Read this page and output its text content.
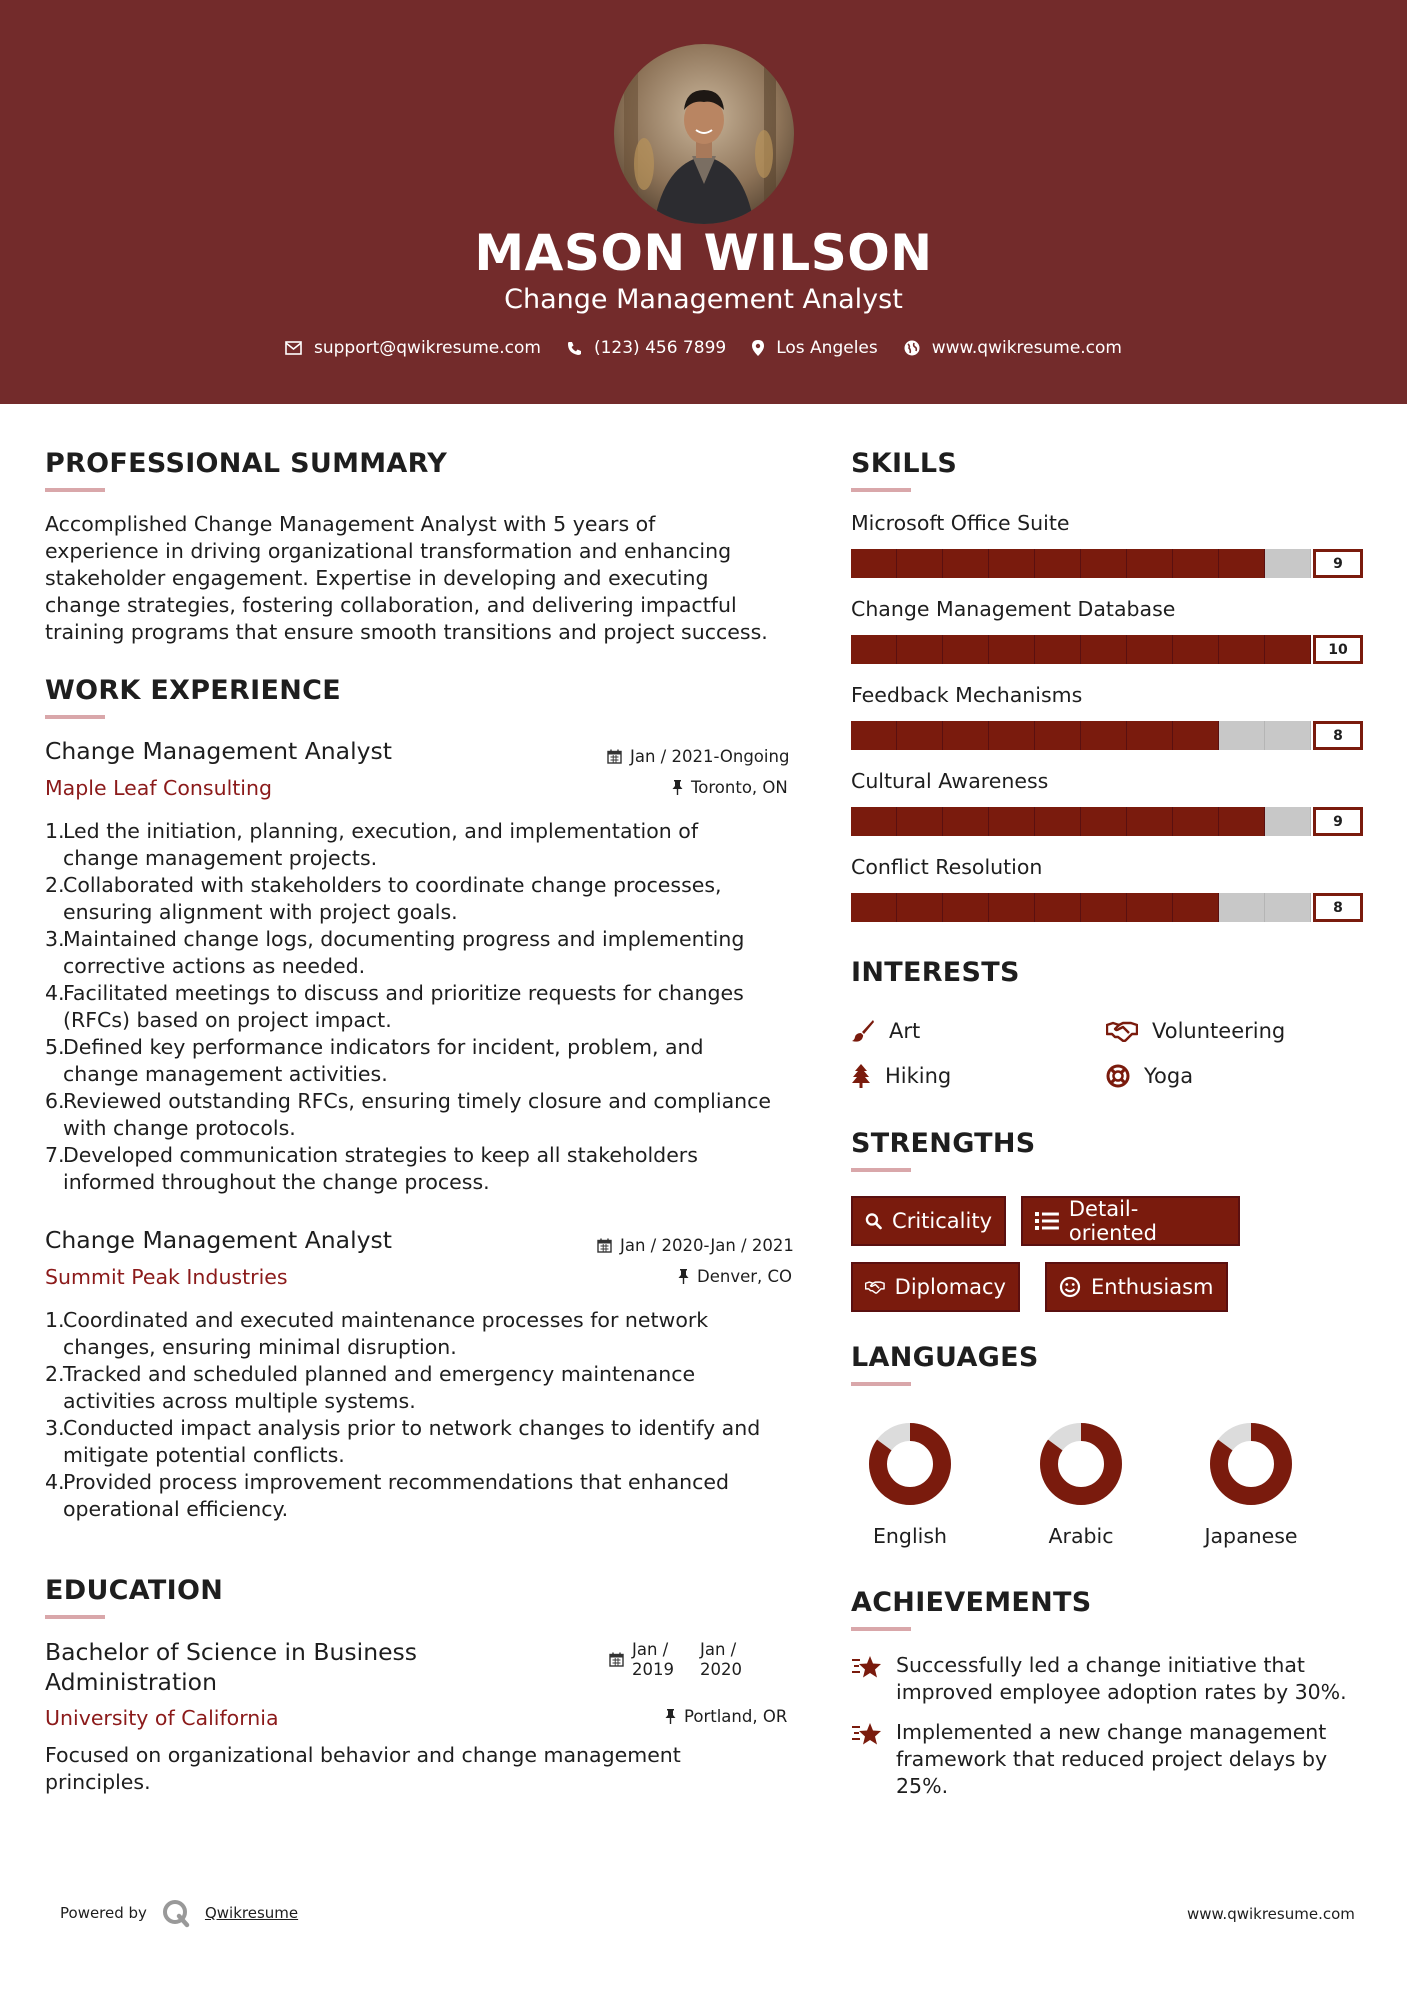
MASON WILSON
Change Management Analyst
support@qwikresume.com	(123) 456 7899	Los Angeles	www.qwikresume.com
PROFESSIONAL SUMMARY
Accomplished Change Management Analyst with 5 years of
experience in driving organizational transformation and enhancing
stakeholder engagement. Expertise in developing and executing
change strategies, fostering collaboration, and delivering impactful
training programs that ensure smooth transitions and project success.
WORK EXPERIENCE
Change Management Analyst
Maple Leaf Consulting
Jan / 2021-Ongoing
Toronto, ON
1.
Led the initiation, planning, execution, and implementation of
change management projects.
2.
Collaborated with stakeholders to coordinate change processes,
ensuring alignment with project goals.
3.
Maintained change logs, documenting progress and implementing
corrective actions as needed.
4.
Facilitated meetings to discuss and prioritize requests for changes
(RFCs) based on project impact.
5.
Defined key performance indicators for incident, problem, and
change management activities.
6.
Reviewed outstanding RFCs, ensuring timely closure and compliance
with change protocols.
7.
Developed communication strategies to keep all stakeholders
informed throughout the change process.
Change Management Analyst
Summit Peak Industries
Jan / 2020-Jan / 2021
Denver, CO
1.
Coordinated and executed maintenance processes for network
changes, ensuring minimal disruption.
2.
Tracked and scheduled planned and emergency maintenance
activities across multiple systems.
3.
Conducted impact analysis prior to network changes to identify and
mitigate potential conflicts.
4.
Provided process improvement recommendations that enhanced
operational efficiency.
EDUCATION
Bachelor of Science in Business
Administration
University of California
Jan /
2019
Jan /
2020
Portland, OR
Focused on organizational behavior and change management
principles.
SKILLS
Microsoft Office Suite
9
Change Management Database
10
Feedback Mechanisms
8
Cultural Awareness
9
Conflict Resolution
8
INTERESTS
Art	Volunteering
Hiking	Yoga
STRENGTHS
Criticality	Detail-oriented
Diplomacy	Enthusiasm
LANGUAGES
English	Arabic	Japanese
ACHIEVEMENTS
Successfully led a change initiative that
improved employee adoption rates by 30%.
Implemented a new change management
framework that reduced project delays by
25%.
Powered by	Qwikresume	www.qwikresume.com
